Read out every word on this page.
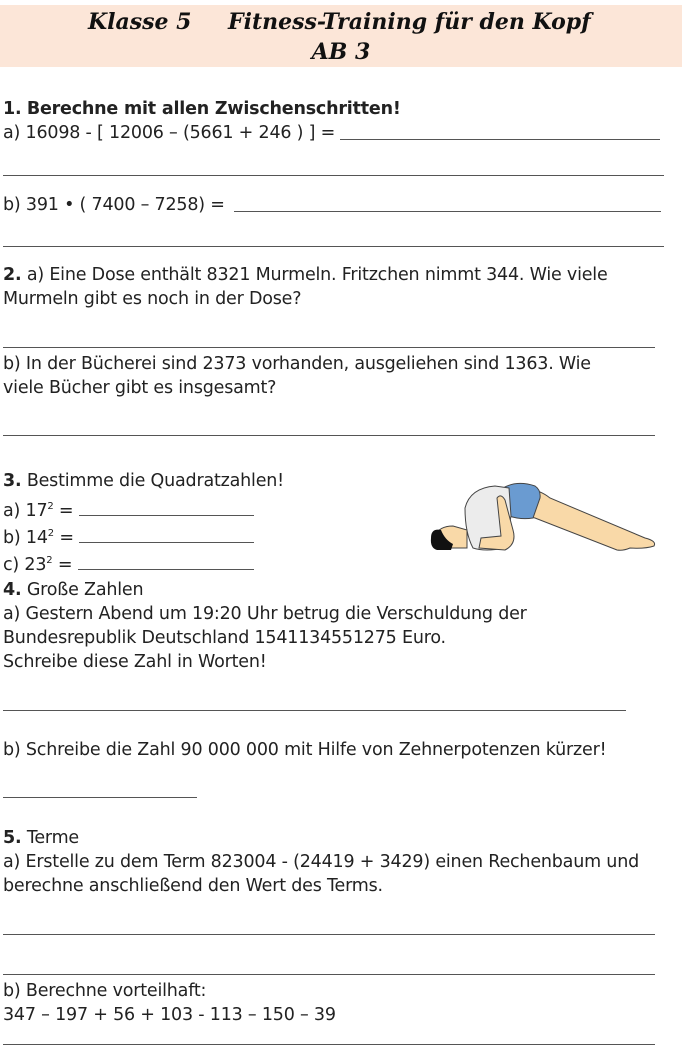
Klasse 5 Fitness-Training für den Kopf
AB 3
1. Berechne mit allen Zwischenschritten!
a) 16098 - [ 12006 – (5661 + 246 ) ] =
b) 391 • ( 7400 – 7258) =
2. a) Eine Dose enthält 8321 Murmeln. Fritzchen nimmt 344. Wie viele
Murmeln gibt es noch in der Dose?
b) In der Bücherei sind 2373 vorhanden, ausgeliehen sind 1363. Wie
viele Bücher gibt es insgesamt?
3. Bestimme die Quadratzahlen!
a) $17^2$ =
b) $14^2$ =
c) $23^2$ =
4. Große Zahlen
a) Gestern Abend um 19:20 Uhr betrug die Verschuldung der
Bundesrepublik Deutschland 1541134551275 Euro.
Schreibe diese Zahl in Worten!
b) Schreibe die Zahl 90 000 000 mit Hilfe von Zehnerpotenzen kürzer!
5. Terme
a) Erstelle zu dem Term 823004 - (24419 + 3429) einen Rechenbaum und
berechne anschließend den Wert des Terms.
b) Berechne vorteilhaft:
347 – 197 + 56 + 103 - 113 – 150 – 39
